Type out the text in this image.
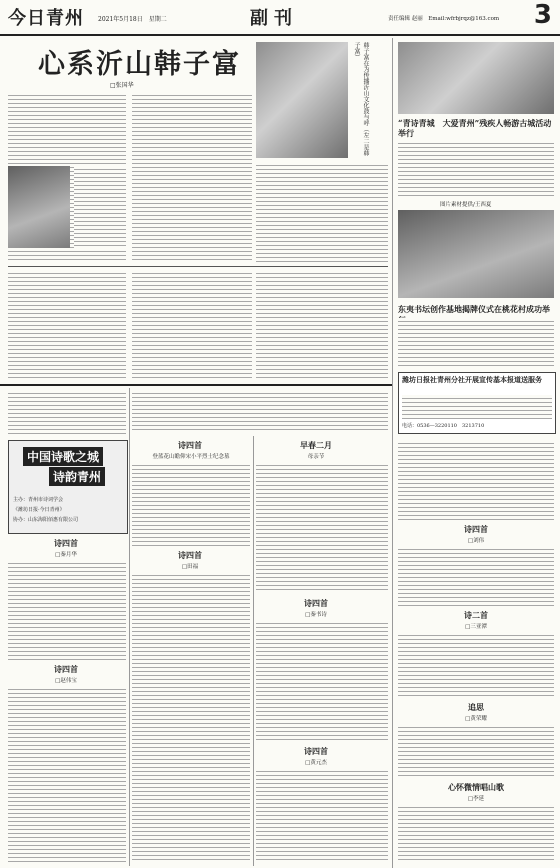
今日青州 2021年5月18日　星期二	副刊	责任编辑 赵丽　Email:wfrbjrqz@163.com 3
心系沂山韩子富
□张国华	韩子富在为传播沂山文化鼓与呼（左二是韩子富）
“青诗青城　大爱青州”残疾人畅游古城活动举行
图片素材提供/王西夏
东夷书坛创作基地揭牌仪式在桃花村成功举
潍坊日报社青州分社开展宣传基本报道送服务
电话：0536—3220110　3213710
中国诗歌之城
诗韵青州
主办：青州市诗词学会
《潍坊日报·今日青州》
协办：山东海阳佰惠有限公司
诗四首
□秦月华
诗四首
□赵伟宝
诗四首
登蓝花山瞻仰宋小平烈士纪念墓
诗四首
□田福
早春二月
母亲节
诗四首
□秦书诗
诗四首
□黄元杰
诗四首
□刘伟
诗二首
□三亚潭
追思
□黄荣耀
心怀微情唱山歌
□李延
